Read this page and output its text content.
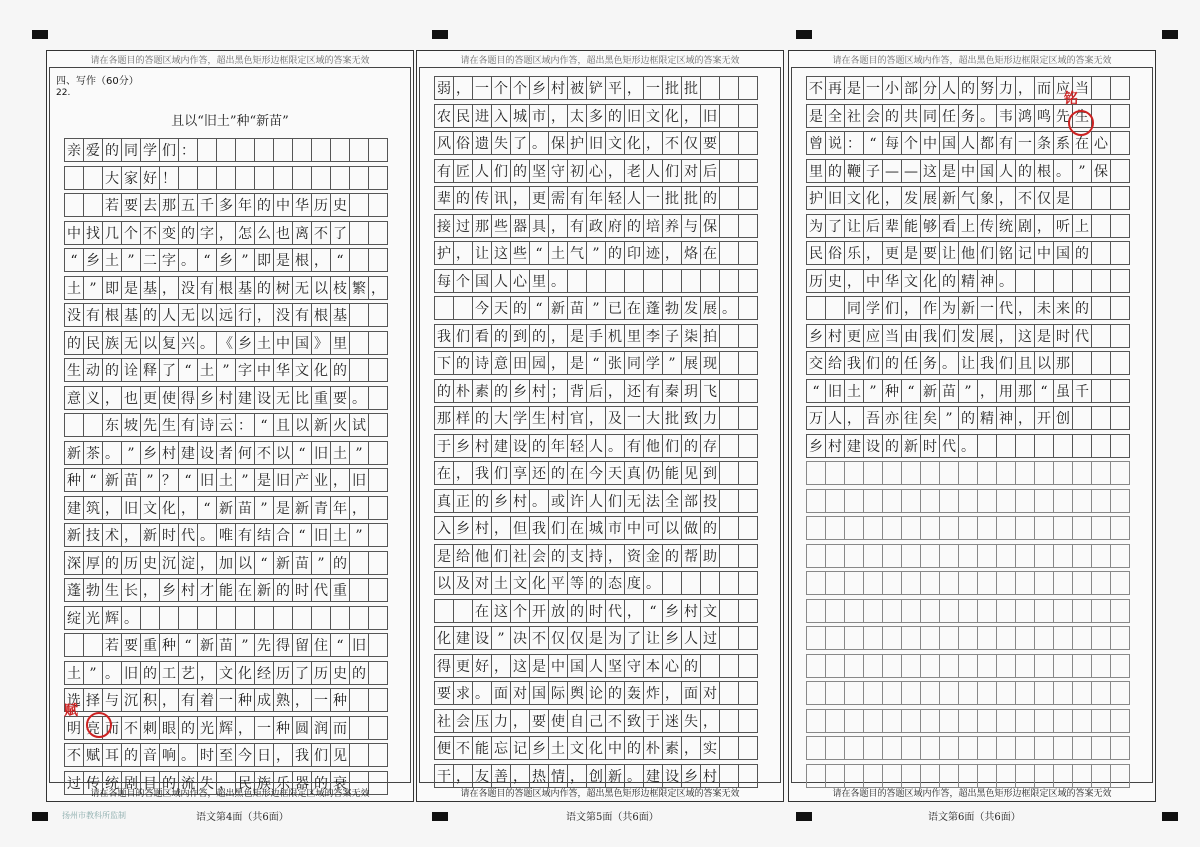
请在各题目的答题区域内作答，超出黑色矩形边框限定区域的答案无效
四、写作（60分）
22.
且以“旧土”种“新苗”
亲 爱 的 同 学 们 ：
大 家 好 ！
若 要 去 那 五 千 多 年 的 中 华 历 史
中 找 几 个 不 变 的 字 ， 怎 么 也 离 不 了
“ 乡 土 ” 二 字 。 “ 乡 ” 即 是 根 ， “
土 ” 即 是 基 ， 没 有 根 基 的 树 无 以 枝 繁 ，
没 有 根 基 的 人 无 以 远 行 ， 没 有 根 基
的 民 族 无 以 复 兴 。 《 乡 土 中 国 》 里
生 动 的 诠 释 了 “ 土 ” 字 中 华 文 化 的
意 义 ， 也 更 使 得 乡 村 建 设 无 比 重 要 。
东 坡 先 生 有 诗 云 ： “ 且 以 新 火 试
新 茶 。 ” 乡 村 建 设 者 何 不 以 “ 旧 土 ”
种 “ 新 苗 ” ？ “ 旧 土 ” 是 旧 产 业 ， 旧
建 筑 ， 旧 文 化 ， “ 新 苗 ” 是 新 青 年 ，
新 技 术 ， 新 时 代 。 唯 有 结 合 “ 旧 土 ”
深 厚 的 历 史 沉 淀 ， 加 以 “ 新 苗 ” 的
蓬 勃 生 长 ， 乡 村 才 能 在 新 的 时 代 重
绽 光 辉 。
若 要 重 种 “ 新 苗 ” 先 得 留 住 “ 旧
土 ” 。 旧 的 工 艺 ， 文 化 经 历 了 历 史 的
选 择 与 沉 积 ， 有 着 一 种 成 熟 ， 一 种
明 亮 而 不 刺 眼 的 光 辉 ， 一 种 圆 润 而
不 赋 耳 的 音 响 。 时 至 今 日 ， 我 们 见
过 传 统 剧 目 的 流 失 ， 民 族 乐 器 的 衰
请在各题目的答题区域内作答，超出黑色矩形边框限定区域的答案无效
请在各题目的答题区域内作答，超出黑色矩形边框限定区域的答案无效
弱 ， 一 个 个 乡 村 被 铲 平 ， 一 批 批
农 民 进 入 城 市 ， 太 多 的 旧 文 化 ， 旧
风 俗 遗 失 了 。 保 护 旧 文 化 ， 不 仅 要
有 匠 人 们 的 坚 守 初 心 ， 老 人 们 对 后
辈 的 传 讯 ， 更 需 有 年 轻 人 一 批 批 的
接 过 那 些 器 具 ， 有 政 府 的 培 养 与 保
护 ， 让 这 些 “ 土 气 ” 的 印 迹 ， 烙 在
每 个 国 人 心 里 。
今 天 的 “ 新 苗 ” 已 在 蓬 勃 发 展 。
我 们 看 的 到 的 ， 是 手 机 里 李 子 柒 拍
下 的 诗 意 田 园 ， 是 “ 张 同 学 ” 展 现
的 朴 素 的 乡 村 ； 背 后 ， 还 有 秦 玥 飞
那 样 的 大 学 生 村 官 ， 及 一 大 批 致 力
于 乡 村 建 设 的 年 轻 人 。 有 他 们 的 存
在 ， 我 们 享 还 的 在 今 天 真 仍 能 见 到
真 正 的 乡 村 。 或 许 人 们 无 法 全 部 投
入 乡 村 ， 但 我 们 在 城 市 中 可 以 做 的
是 给 他 们 社 会 的 支 持 ， 资 金 的 帮 助
以 及 对 土 文 化 平 等 的 态 度 。
在 这 个 开 放 的 时 代 ， “ 乡 村 文
化 建 设 ” 决 不 仅 仅 是 为 了 让 乡 人 过
得 更 好 ， 这 是 中 国 人 坚 守 本 心 的
要 求 。 面 对 国 际 舆 论 的 轰 炸 ， 面 对
社 会 压 力 ， 要 使 自 己 不 致 于 迷 失 ，
便 不 能 忘 记 乡 土 文 化 中 的 朴 素 ， 实
干 ， 友 善 ， 热 情 ， 创 新 。 建 设 乡 村
请在各题目的答题区域内作答，超出黑色矩形边框限定区域的答案无效
请在各题目的答题区域内作答，超出黑色矩形边框限定区域的答案无效
不 再 是 一 小 部 分 人 的 努 力 ， 而 应 当
是 全 社 会 的 共 同 任 务 。 韦 鸿 鸣 先 生
曾 说 ： “ 每 个 中 国 人 都 有 一 条 系 在 心
里 的 鞭 子 — — 这 是 中 国 人 的 根 。 ” 保
护 旧 文 化 ， 发 展 新 气 象 ， 不 仅 是
为 了 让 后 辈 能 够 看 上 传 统 剧 ， 听 上
民 俗 乐 ， 更 是 要 让 他 们 铭 记 中 国 的
历 史 ， 中 华 文 化 的 精 神 。
同 学 们 ， 作 为 新 一 代 ， 未 来 的
乡 村 更 应 当 由 我 们 发 展 ， 这 是 时 代
交 给 我 们 的 任 务 。 让 我 们 且 以 那
“ 旧 土 ” 种 “ 新 苗 ” ， 用 那 “ 虽 千
万 人 ， 吾 亦 往 矣 ” 的 精 神 ， 开 创
乡 村 建 设 的 新 时 代 。
请在各题目的答题区域内作答，超出黑色矩形边框限定区域的答案无效
扬州市教科所监制	语文第4面（共6面）	语文第5面（共6面）	语文第6面（共6面）
赋
铭
